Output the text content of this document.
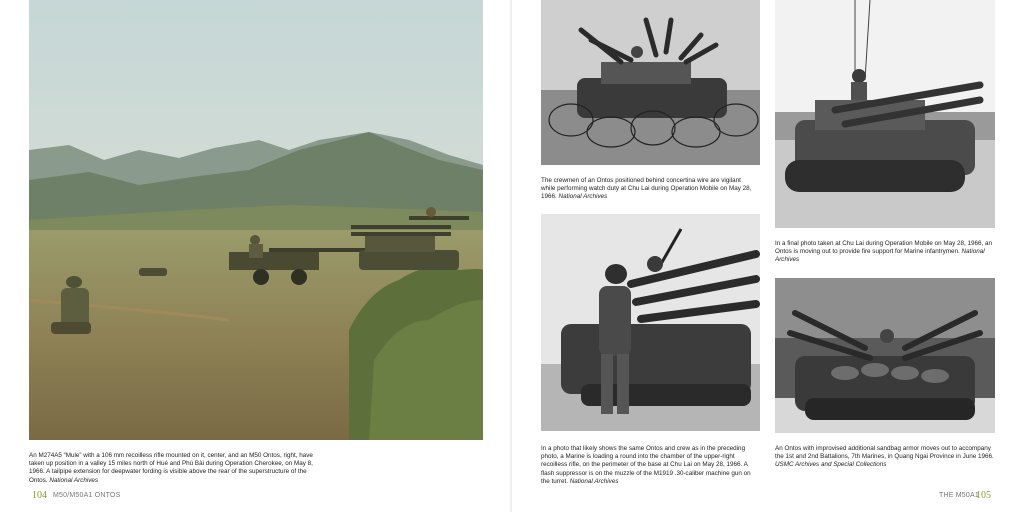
An M274A5 “Mule” with a 106 mm recoilless rifle mounted on it, center, and an M50 Ontos, right, have
taken up position in a valley 15 miles north of Hué and Phú Bài during Operation Cherokee, on May 8,
1966. A tailpipe extension for deepwater fording is visible above the rear of the superstructure of the
Ontos. National Archives
104 M50/M50A1 ONTOS
The crewmen of an Ontos positioned behind concertina wire are vigilant
while performing watch duty at Chu Lai during Operation Mobile on May 28,
1966. National Archives
In a photo that likely shows the same Ontos and crew as in the preceding
photo, a Marine is loading a round into the chamber of the upper-right
recoilless rifle, on the perimeter of the base at Chu Lai on May 28, 1966. A
flash suppressor is on the muzzle of the M1919 .30-caliber machine gun on
the turret. National Archives
In a final photo taken at Chu Lai during Operation Mobile on May 28, 1966, an
Ontos is moving out to provide fire support for Marine infantrymen. National
Archives
An Ontos with improvised additional sandbag armor moves out to accompany
the 1st and 2nd Battalions, 7th Marines, in Quang Ngai Province in June 1966.
USMC Archives and Special Collections
THE M50A1
105
